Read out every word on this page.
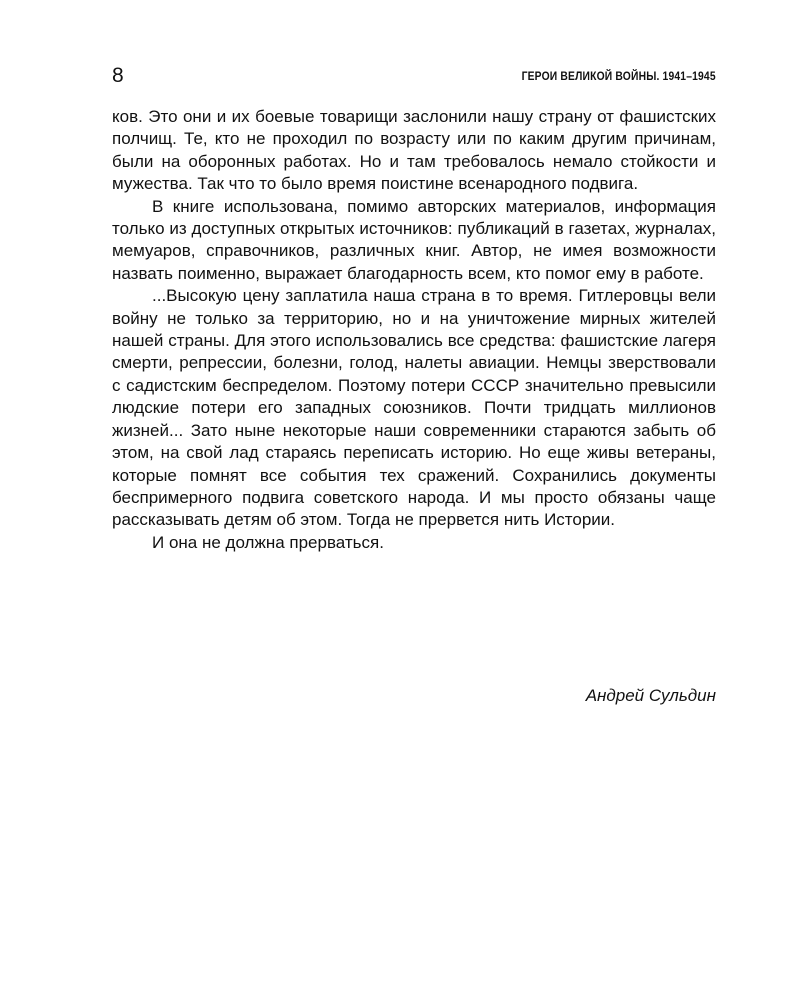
8	ГЕРОИ ВЕЛИКОЙ ВОЙНЫ. 1941–1945

ков. Это они и их боевые товарищи заслонили нашу страну от фашистских полчищ. Те, кто не проходил по возрасту или по каким другим причинам, были на оборонных работах. Но и там требовалось немало стойкости и мужества. Так что то было время поистине всенародного подвига.

В книге использована, помимо авторских материалов, информация только из доступных открытых источников: публикаций в газетах, журналах, мемуаров, справочников, различных книг. Автор, не имея возможности назвать поименно, выражает благодарность всем, кто помог ему в работе.

...Высокую цену заплатила наша страна в то время. Гитлеровцы вели войну не только за территорию, но и на уничтожение мирных жителей нашей страны. Для этого использовались все средства: фашистские лагеря смерти, репрессии, болезни, голод, налеты авиации. Немцы зверствовали с садистским беспределом. Поэтому потери СССР значительно превысили людские потери его западных союзников. Почти тридцать миллионов жизней... Зато ныне некоторые наши современники стараются забыть об этом, на свой лад стараясь переписать историю. Но еще живы ветераны, которые помнят все события тех сражений. Сохранились документы беспримерного подвига советского народа. И мы просто обязаны чаще рассказывать детям об этом. Тогда не прервется нить Истории.

И она не должна прерваться.

Андрей Сульдин
